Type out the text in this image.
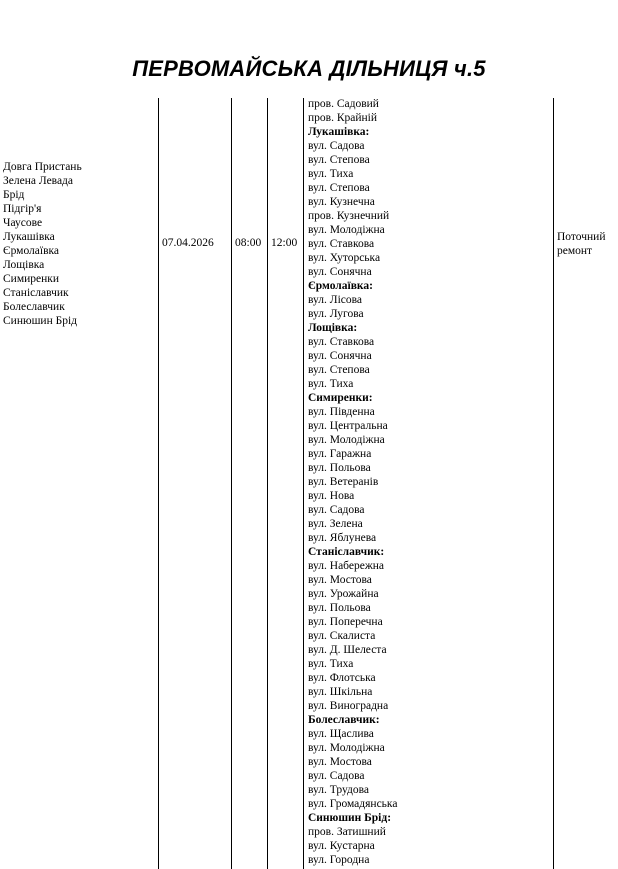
ПЕРВОМАЙСЬКА ДІЛЬНИЦЯ ч.5
Довга Пристань
Зелена Левада
Брід
Підгір'я
Чаусове
Лукашівка
Єрмолаївка
Лощівка
Симиренки
Станіславчик
Болеславчик
Синюшин Брід
07.04.2026 08:00 12:00
пров. Садовий
пров. Крайній
Лукашівка:
вул. Садова
вул. Степова
вул. Тиха
вул. Степова
вул. Кузнечна
пров. Кузнечний
вул. Молодіжна
вул. Ставкова
вул. Хуторська
вул. Сонячна
Єрмолаївка:
вул. Лісова
вул. Лугова
Лощівка:
вул. Ставкова
вул. Сонячна
вул. Степова
вул. Тиха
Симиренки:
вул. Південна
вул. Центральна
вул. Молодіжна
вул. Гаражна
вул. Польова
вул. Ветеранів
вул. Нова
вул. Садова
вул. Зелена
вул. Яблунева
Станіславчик:
вул. Набережна
вул. Мостова
вул. Урожайна
вул. Польова
вул. Поперечна
вул. Скалиста
вул. Д. Шелеста
вул. Тиха
вул. Флотська
вул. Шкільна
вул. Виноградна
Болеславчик:
вул. Щаслива
вул. Молодіжна
вул. Мостова
вул. Садова
вул. Трудова
вул. Громадянська
Синюшин Брід:
пров. Затишний
вул. Кустарна
вул. Городна
Поточний
ремонт
